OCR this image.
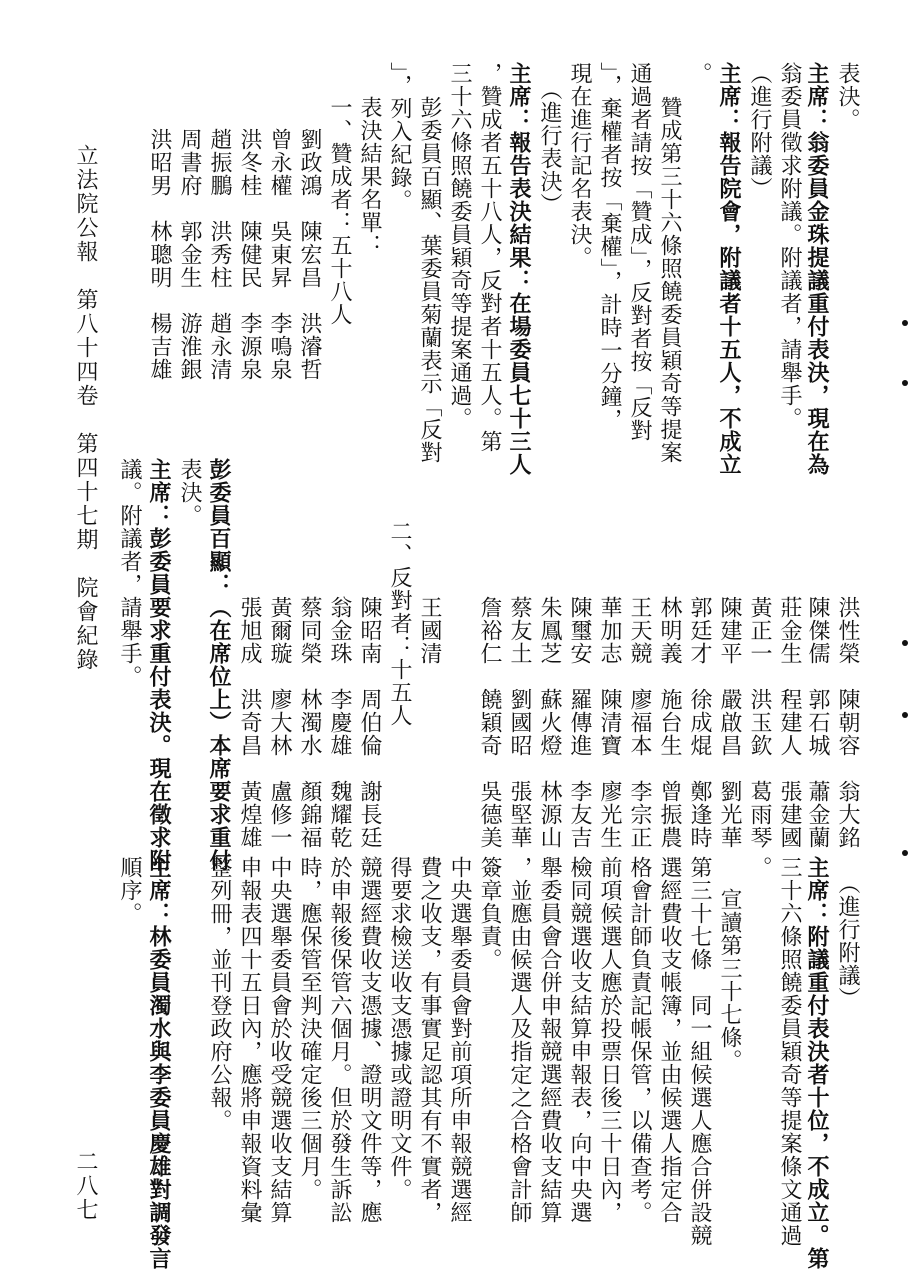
表決。
主席：翁委員金珠提議重付表決，現在為
翁委員徵求附議。附議者，請舉手。
（進行附議）
主席：報告院會，附議者十五人，不成立
。
贊成第三十六條照饒委員穎奇等提案
通過者請按「贊成」，反對者按「反對
」，棄權者按「棄權」，計時一分鐘，
現在進行記名表決。
（進行表決）
主席：報告表決結果：在場委員七十三人
，贊成者五十八人，反對者十五人。第
三十六條照饒委員穎奇等提案通過。
彭委員百顯、葉委員菊蘭表示「反對
」，列入紀錄。
表決結果名單：
一、贊成者：五十八人
劉政鴻　陳宏昌　洪濬哲
曾永權　吳東昇　李鳴泉
洪冬桂　陳健民　李源泉
趙振鵬　洪秀柱　趙永清
周書府　郭金生　游淮銀
洪昭男　林聰明　楊吉雄
立法院公報　第八十四卷　第四十七期　院會紀錄
洪性榮　陳朝容　翁大銘
陳傑儒　郭石城　蕭金蘭
莊金生　程建人　張建國
黃正一　洪玉欽　葛雨琴
陳建平　嚴啟昌　劉光華
郭廷才　徐成焜　鄭逢時
林明義　施台生　曾振農
王天競　廖福本　李宗正
華加志　陳清寶　廖光生
陳璽安　羅傳進　李友吉
朱鳳芝　蘇火燈　林源山
蔡友土　劉國昭　張堅華
詹裕仁　饒穎奇　吳德美
王國清
二、反對者：十五人
陳昭南　周伯倫　謝長廷
翁金珠　李慶雄　魏耀乾
蔡同榮　林濁水　顏錦福
黃爾璇　廖大林　盧修一
張旭成　洪奇昌　黃煌雄
彭委員百顯：（在席位上）本席要求重付
表決。
主席：彭委員要求重付表決。現在徵求附
議。附議者，請舉手。
（進行附議）
主席：附議重付表決者十位，不成立。第
三十六條照饒委員穎奇等提案條文通過
。
宣讀第三十七條。
第三十七條　同一組候選人應合併設競
選經費收支帳簿，並由候選人指定合
格會計師負責記帳保管，以備查考。
前項候選人應於投票日後三十日內，
檢同競選收支結算申報表，向中央選
舉委員會合併申報競選經費收支結算
，並應由候選人及指定之合格會計師
簽章負責。
中央選舉委員會對前項所申報競選經
費之收支，有事實足認其有不實者，
得要求檢送收支憑據或證明文件。
競選經費收支憑據、證明文件等，應
於申報後保管六個月。但於發生訴訟
時，應保管至判決確定後三個月。
中央選舉委員會於收受競選收支結算
申報表四十五日內，應將申報資料彙
整列冊，並刊登政府公報。
主席：林委員濁水與李委員慶雄對調發言
順序。
二八七
